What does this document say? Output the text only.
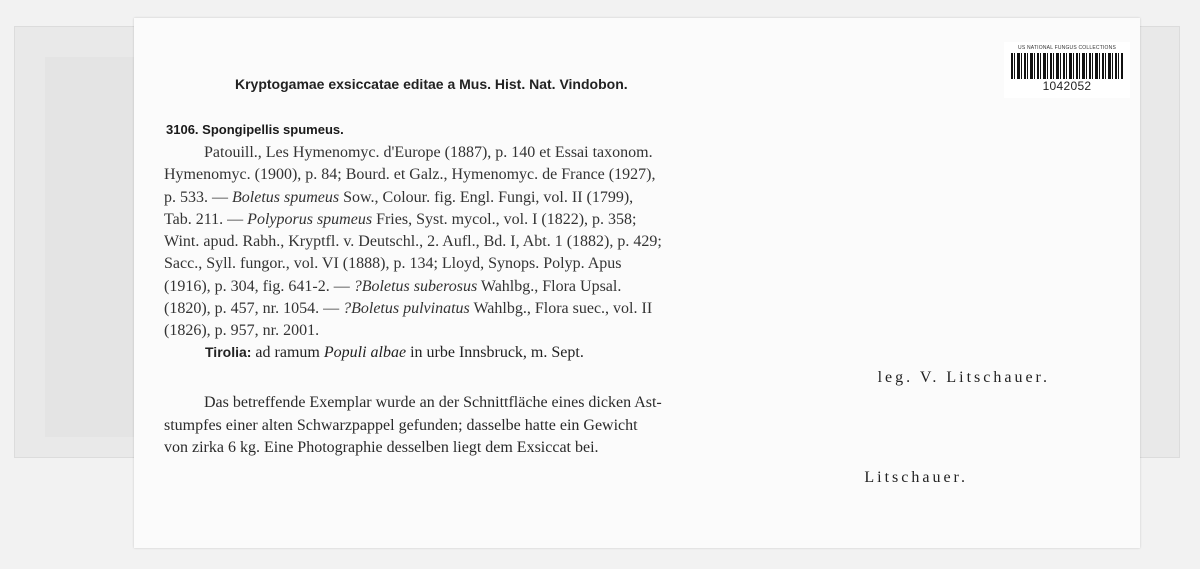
US NATIONAL FUNGUS COLLECTIONS
1042052
Kryptogamae exsiccatae editae a Mus. Hist. Nat. Vindobon.
3106. Spongipellis spumeus.
Patouill., Les Hymenomyc. d'Europe (1887), p. 140 et Essai taxonom.
Hymenomyc. (1900), p. 84; Bourd. et Galz., Hymenomyc. de France (1927),
p. 533. — Boletus spumeus Sow., Colour. fig. Engl. Fungi, vol. II (1799),
Tab. 211. — Polyporus spumeus Fries, Syst. mycol., vol. I (1822), p. 358;
Wint. apud. Rabh., Kryptfl. v. Deutschl., 2. Aufl., Bd. I, Abt. 1 (1882), p. 429;
Sacc., Syll. fungor., vol. VI (1888), p. 134; Lloyd, Synops. Polyp. Apus
(1916), p. 304, fig. 641-2. — ?Boletus suberosus Wahlbg., Flora Upsal.
(1820), p. 457, nr. 1054. — ?Boletus pulvinatus Wahlbg., Flora suec., vol. II
(1826), p. 957, nr. 2001.
Tirolia: ad ramum Populi albae in urbe Innsbruck, m. Sept.
leg. V. Litschauer.
Das betreffende Exemplar wurde an der Schnittfläche eines dicken Ast-
stumpfes einer alten Schwarzpappel gefunden; dasselbe hatte ein Gewicht
von zirka 6 kg. Eine Photographie desselben liegt dem Exsiccat bei.
Litschauer.
